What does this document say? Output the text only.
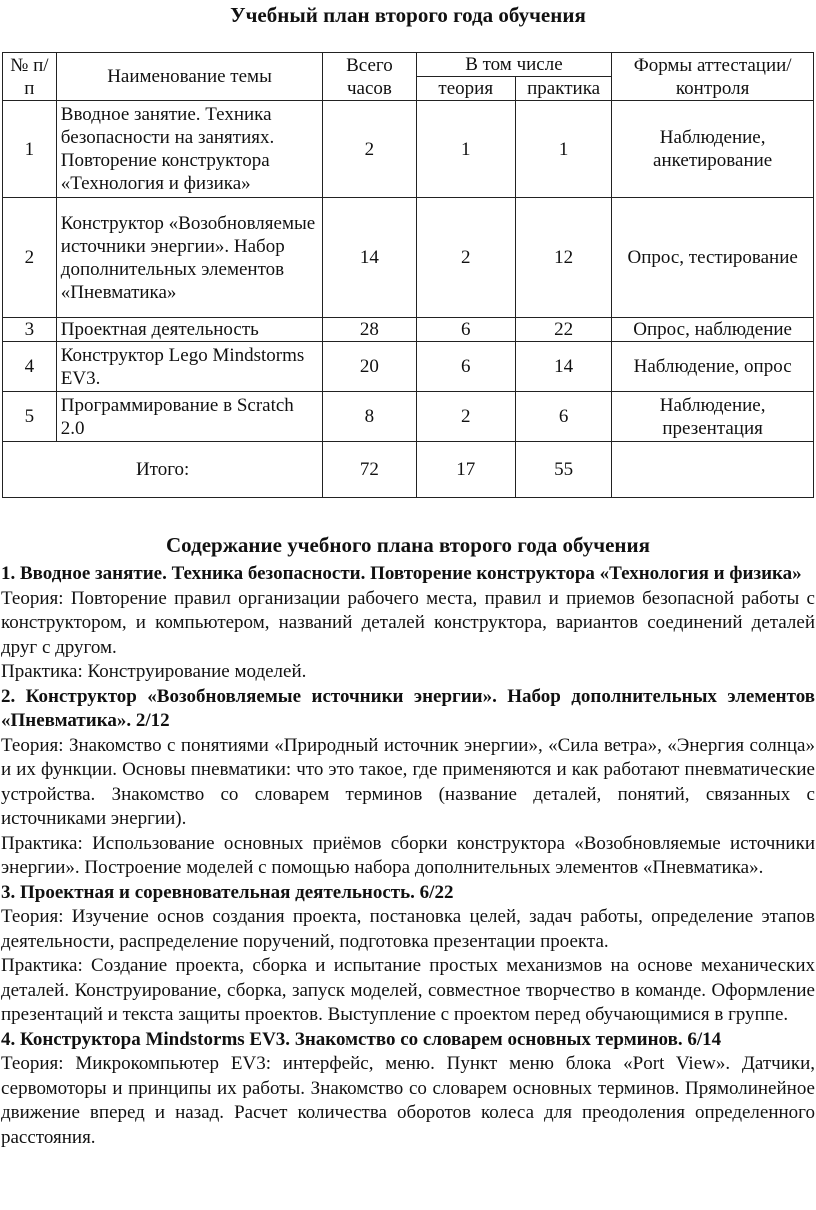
Учебный план второго года обучения
№ п/п	Наименование темы	Всего часов	В том числе		Формы аттестации/ контроля
			теория	практика	
1	Вводное занятие. Техника безопасности на занятиях. Повторение конструктора «Технология и физика»	2	1	1	Наблюдение, анкетирование
2	Конструктор «Возобновляемые источники энергии». Набор дополнительных элементов «Пневматика»	14	2	12	Опрос, тестирование
3	Проектная деятельность	28	6	22	Опрос, наблюдение
4	Конструктор Lego Mindstorms EV3.	20	6	14	Наблюдение, опрос
5	Программирование в Scratch 2.0	8	2	6	Наблюдение, презентация
Итого:		72	17	55	
Содержание учебного плана второго года обучения

1. Вводное занятие. Техника безопасности. Повторение конструктора «Технология и физика»

Теория: Повторение правил организации рабочего места, правил и приемов безопасной работы с конструктором, и компьютером, названий деталей конструктора, вариантов соединений деталей друг с другом.

Практика: Конструирование моделей.

2. Конструктор «Возобновляемые источники энергии». Набор дополнительных элементов «Пневматика». 2/12

Теория: Знакомство с понятиями «Природный источник энергии», «Сила ветра», «Энергия солнца» и их функции. Основы пневматики: что это такое, где применяются и как работают пневматические устройства. Знакомство со словарем терминов (название деталей, понятий, связанных с источниками энергии).

Практика: Использование основных приёмов сборки конструктора «Возобновляемые источники энергии». Построение моделей с помощью набора дополнительных элементов «Пневматика».

3. Проектная и соревновательная деятельность. 6/22

Теория: Изучение основ создания проекта, постановка целей, задач работы, определение этапов деятельности, распределение поручений, подготовка презентации проекта.

Практика: Создание проекта, сборка и испытание простых механизмов на основе механических деталей. Конструирование, сборка, запуск моделей, совместное творчество в команде. Оформление презентаций и текста защиты проектов. Выступление с проектом перед обучающимися в группе.

4. Конструктора Mindstorms EV3. Знакомство со словарем основных терминов. 6/14

Теория: Микрокомпьютер EV3: интерфейс, меню. Пункт меню блока «Port View». Датчики, сервомоторы и принципы их работы. Знакомство со словарем основных терминов. Прямолинейное движение вперед и назад. Расчет количества оборотов колеса для преодоления определенного расстояния.
